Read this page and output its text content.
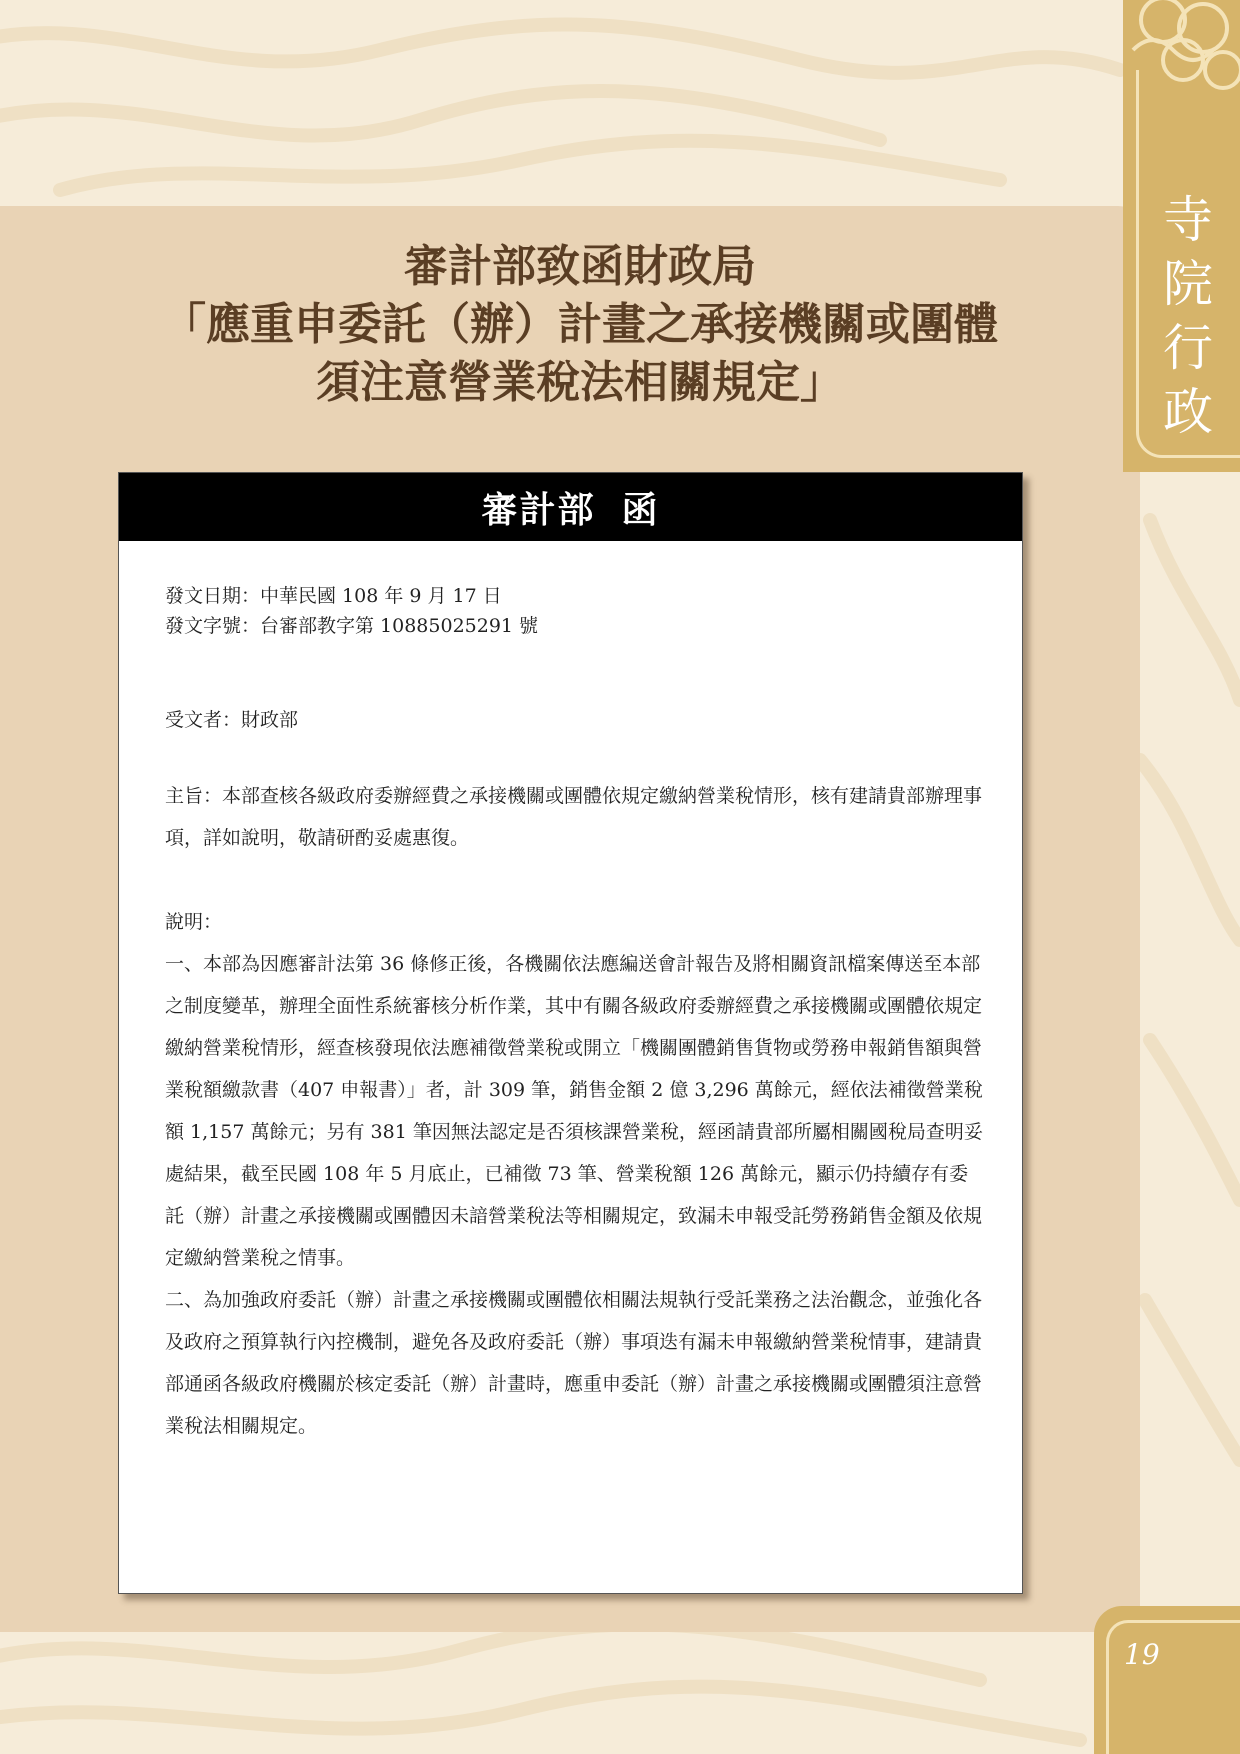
寺
院
行
政
19
審計部致函財政局
「應重申委託（辦）計畫之承接機關或團體
須注意營業稅法相關規定」
審計部 函
發文日期：中華民國 108 年 9 月 17 日
發文字號：台審部教字第 10885025291 號
受文者：財政部
主旨：本部查核各級政府委辦經費之承接機關或團體依規定繳納營業稅情形，核有建請貴部辦理事項，詳如說明，敬請研酌妥處惠復。
說明：
一、本部為因應審計法第 36 條修正後，各機關依法應編送會計報告及將相關資訊檔案傳送至本部之制度變革，辦理全面性系統審核分析作業，其中有關各級政府委辦經費之承接機關或團體依規定繳納營業稅情形，經查核發現依法應補徵營業稅或開立「機關團體銷售貨物或勞務申報銷售額與營業稅額繳款書（407 申報書）」者，計 309 筆，銷售金額 2 億 3,296 萬餘元，經依法補徵營業稅額 1,157 萬餘元；另有 381 筆因無法認定是否須核課營業稅，經函請貴部所屬相關國稅局查明妥處結果，截至民國 108 年 5 月底止，已補徵 73 筆、營業稅額 126 萬餘元，顯示仍持續存有委託（辦）計畫之承接機關或團體因未諳營業稅法等相關規定，致漏未申報受託勞務銷售金額及依規定繳納營業稅之情事。
二、為加強政府委託（辦）計畫之承接機關或團體依相關法規執行受託業務之法治觀念，並強化各及政府之預算執行內控機制，避免各及政府委託（辦）事項迭有漏未申報繳納營業稅情事，建請貴部通函各級政府機關於核定委託（辦）計畫時，應重申委託（辦）計畫之承接機關或團體須注意營業稅法相關規定。
